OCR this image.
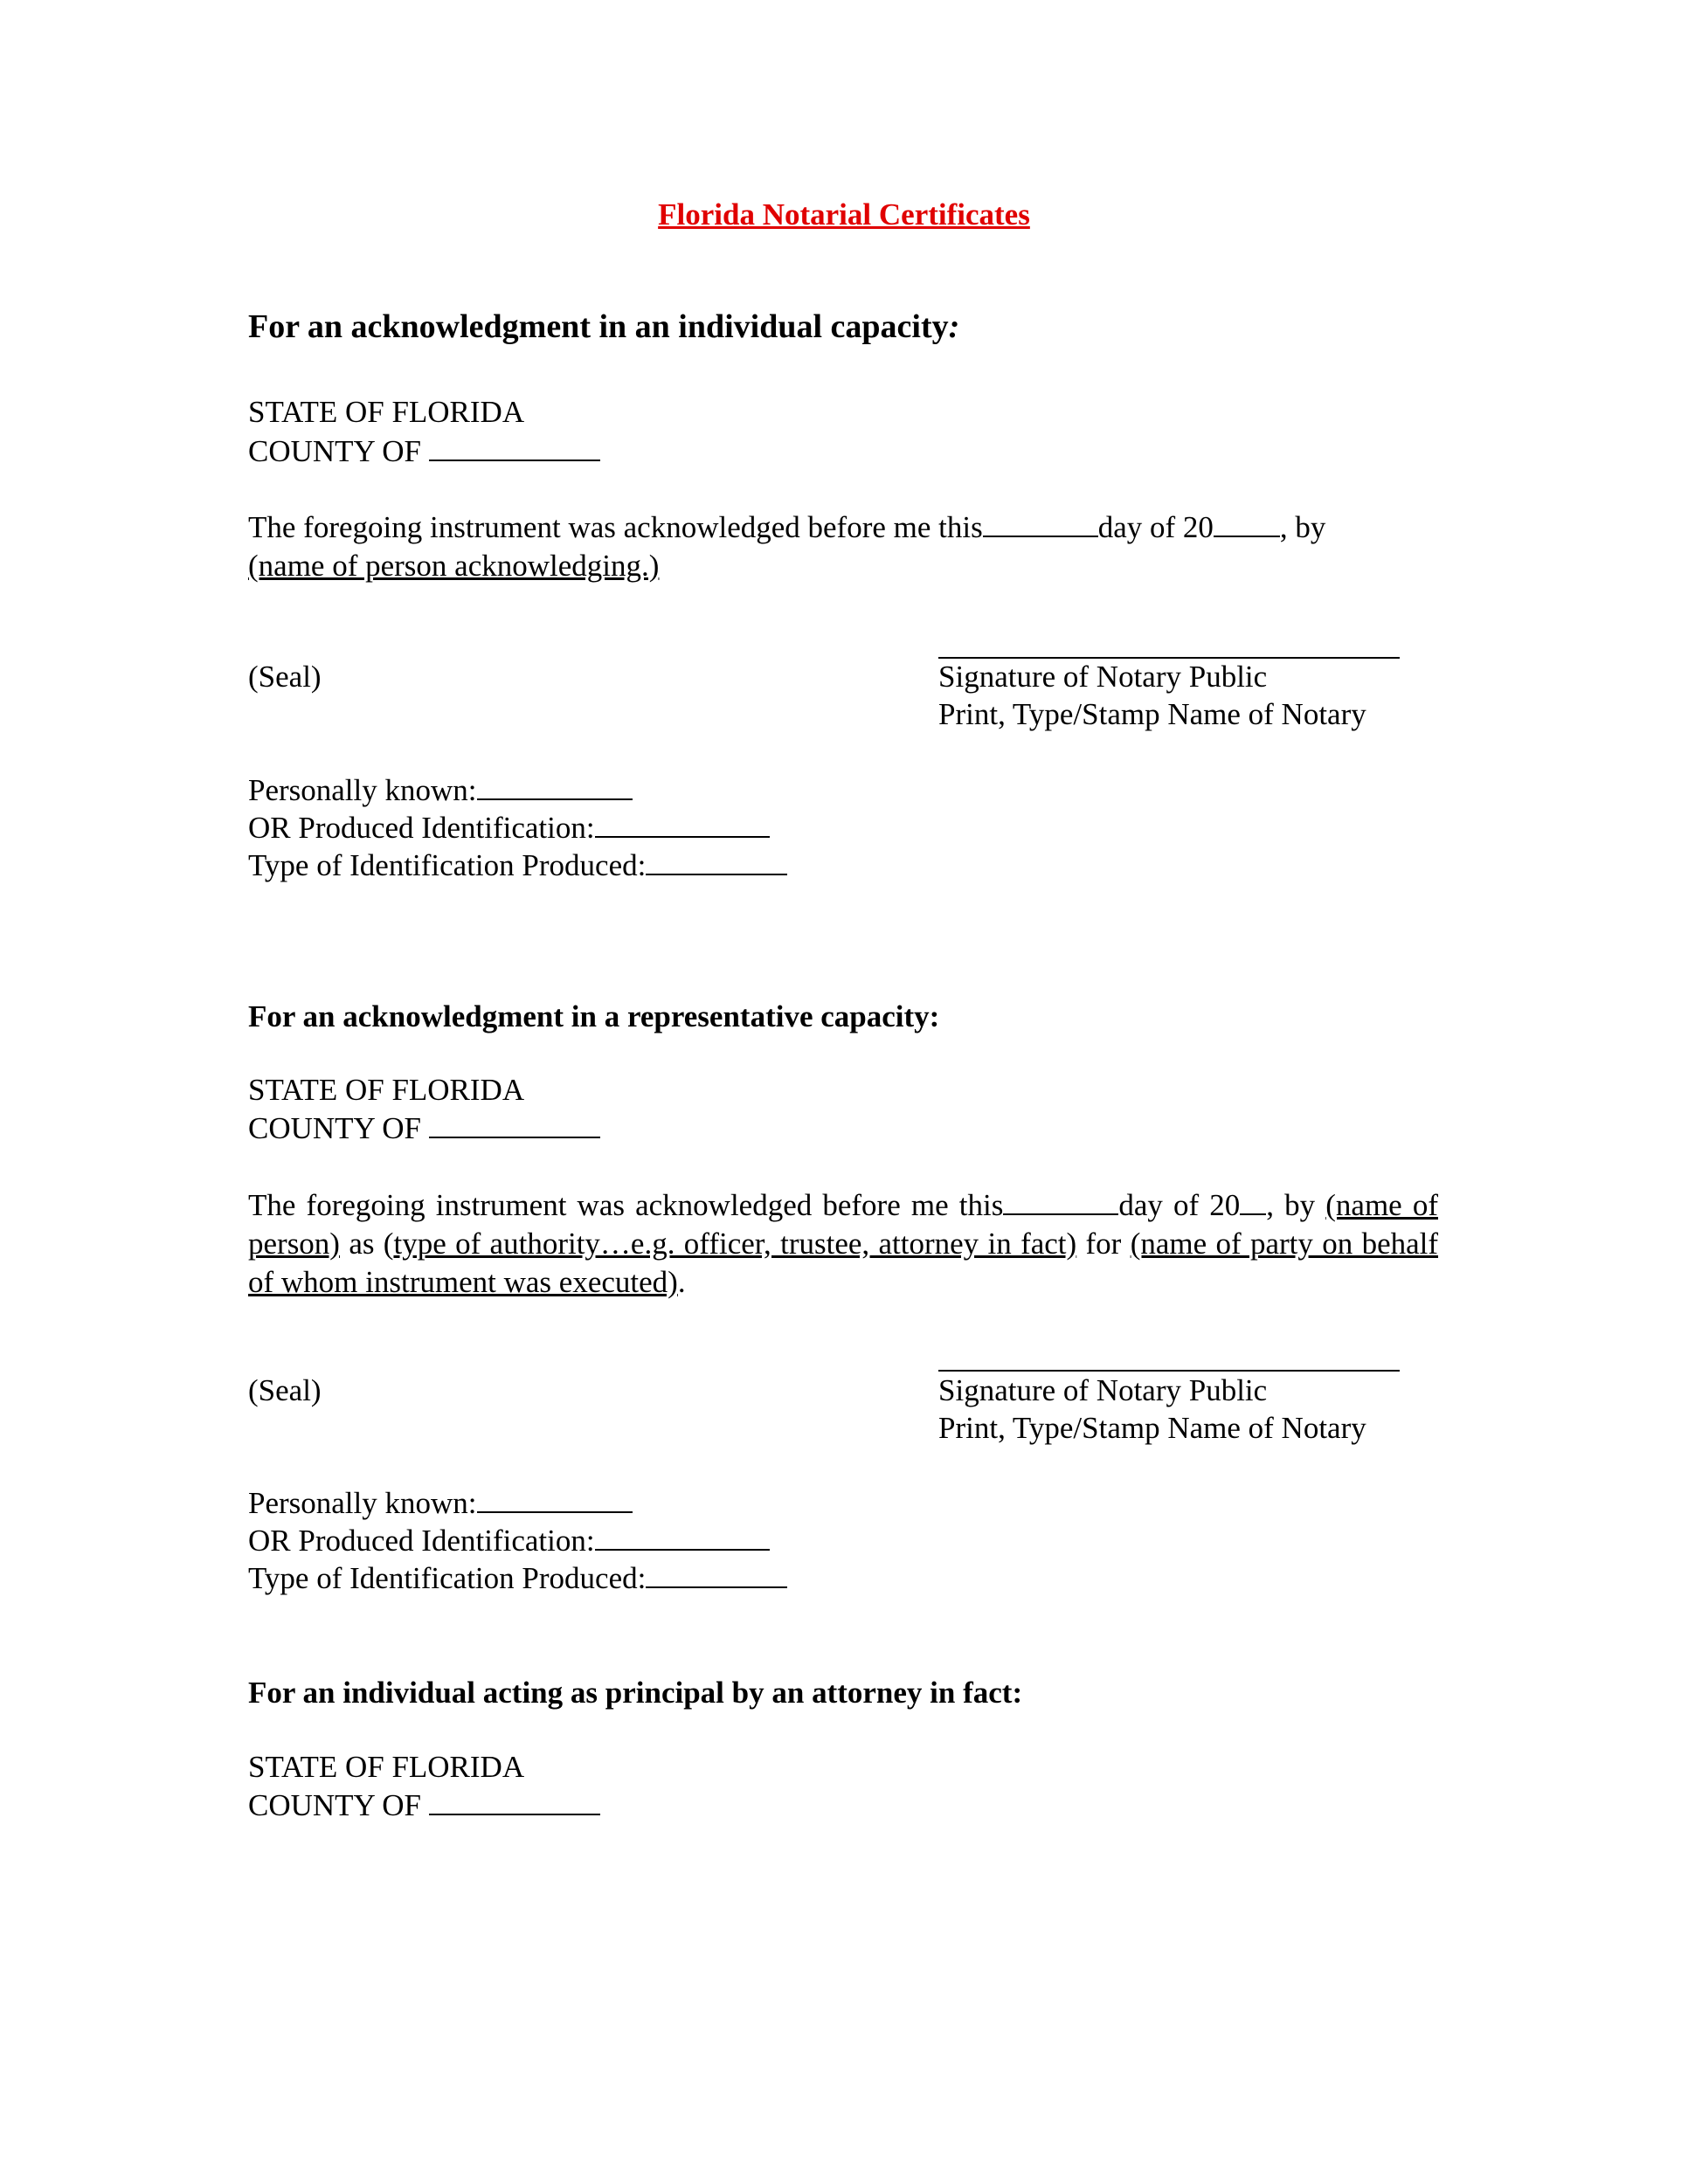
Florida Notarial Certificates
For an acknowledgment in an individual capacity:
STATE OF FLORIDA
COUNTY OF
The foregoing instrument was acknowledged before me this	day of 20 , by
(name of person acknowledging.)
(Seal)	Signature of Notary Public
Print, Type/Stamp Name of Notary
Personally known:
OR Produced Identification:
Type of Identification Produced:
For an acknowledgment in a representative capacity:
STATE OF FLORIDA
COUNTY OF
The foregoing instrument was acknowledged before me this	day of 20 , by (name of person) as (type of authority…e.g. officer, trustee, attorney in fact) for (name of party on behalf of whom instrument was executed).
(Seal)	Signature of Notary Public
Print, Type/Stamp Name of Notary
Personally known:
OR Produced Identification:
Type of Identification Produced:
For an individual acting as principal by an attorney in fact:
STATE OF FLORIDA
COUNTY OF
